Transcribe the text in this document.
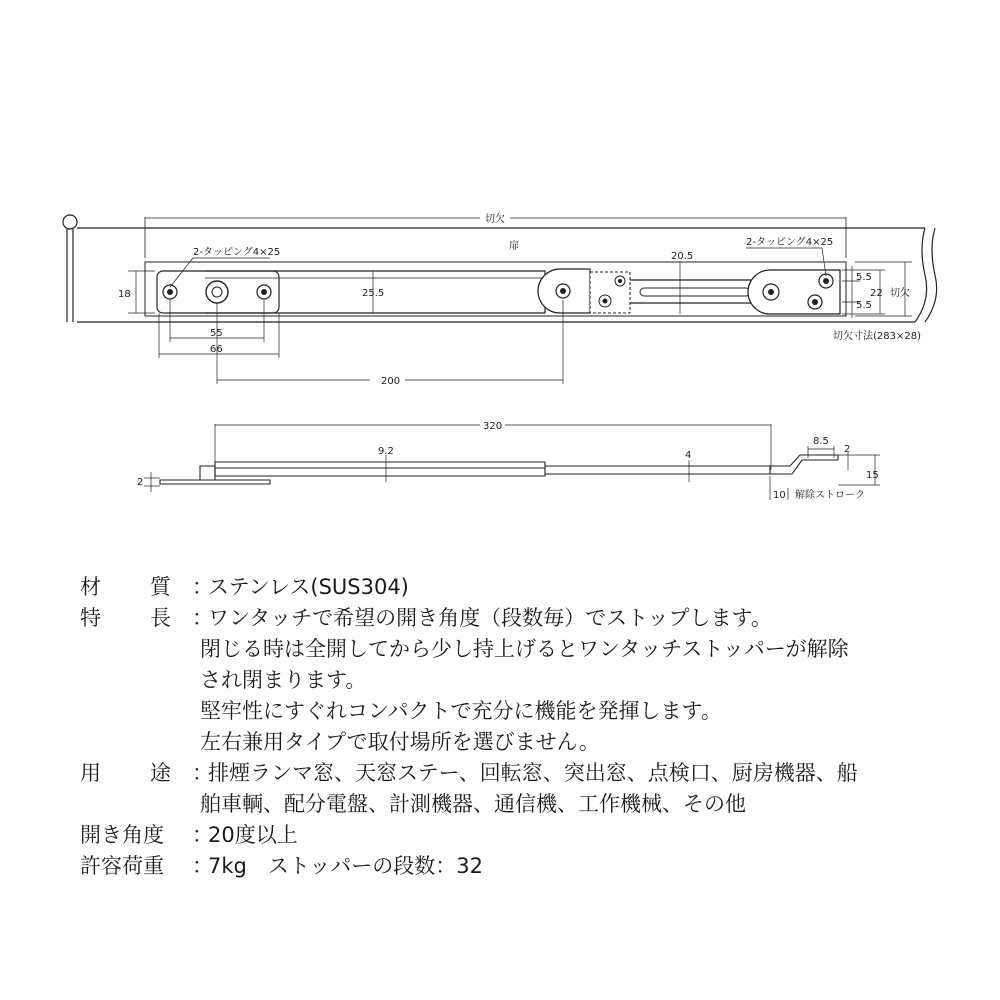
切欠
扉
2-タッピング4×25
2-タッピング4×25
18	25.5
20.5
5.5
22
5.5
切欠
切欠寸法(283×28)
55
66
200
320
9.2	4
8.5
2
15
2
10 解除ストローク
材 質 ：
ステンレス(SUS304)
特 長 ：
ワンタッチで希望の開き角度（段数毎）でストップします。
閉じる時は全開してから少し持上げるとワンタッチストッパーが解除
され閉まります。
堅牢性にすぐれコンパクトで充分に機能を発揮します。
左右兼用タイプで取付場所を選びません。
用 途 ：
排煙ランマ窓、天窓ステー、回転窓、突出窓、点検口、厨房機器、船
舶車輌、配分電盤、計測機器、通信機、工作機械、その他
開き角度	：
20度以上
許容荷重	：
7kg　ストッパーの段数：32
